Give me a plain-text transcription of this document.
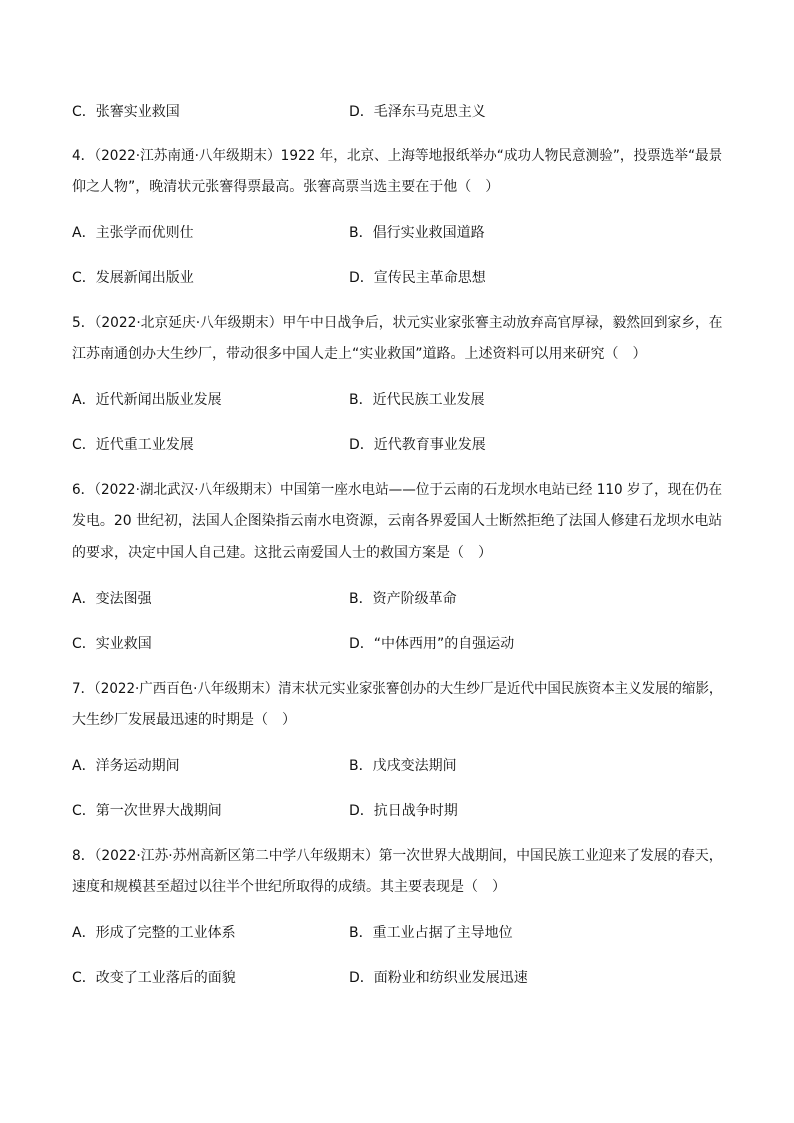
C．张謇实业救国	D．毛泽东马克思主义
4．（2022·江苏南通·八年级期末）1922 年，北京、上海等地报纸举办“成功人物民意测验”，投票选举“最景
仰之人物”，晚清状元张謇得票最高。张謇高票当选主要在于他（　）
A．主张学而优则仕	B．倡行实业救国道路
C．发展新闻出版业	D．宣传民主革命思想
5．（2022·北京延庆·八年级期末）甲午中日战争后，状元实业家张謇主动放弃高官厚禄，毅然回到家乡，在
江苏南通创办大生纱厂，带动很多中国人走上“实业救国”道路。上述资料可以用来研究（　）
A．近代新闻出版业发展	B．近代民族工业发展
C．近代重工业发展	D．近代教育事业发展
6．（2022·湖北武汉·八年级期末）中国第一座水电站——位于云南的石龙坝水电站已经 110 岁了，现在仍在
发电。20 世纪初，法国人企图染指云南水电资源，云南各界爱国人士断然拒绝了法国人修建石龙坝水电站
的要求，决定中国人自己建。这批云南爱国人士的救国方案是（　）
A．变法图强	B．资产阶级革命
C．实业救国	D．“中体西用”的自强运动
7．（2022·广西百色·八年级期末）清末状元实业家张謇创办的大生纱厂是近代中国民族资本主义发展的缩影，
大生纱厂发展最迅速的时期是（　）
A．洋务运动期间	B．戊戌变法期间
C．第一次世界大战期间	D．抗日战争时期
8．（2022·江苏·苏州高新区第二中学八年级期末）第一次世界大战期间，中国民族工业迎来了发展的春天，
速度和规模甚至超过以往半个世纪所取得的成绩。其主要表现是（　）
A．形成了完整的工业体系	B．重工业占据了主导地位
C．改变了工业落后的面貌	D．面粉业和纺织业发展迅速
